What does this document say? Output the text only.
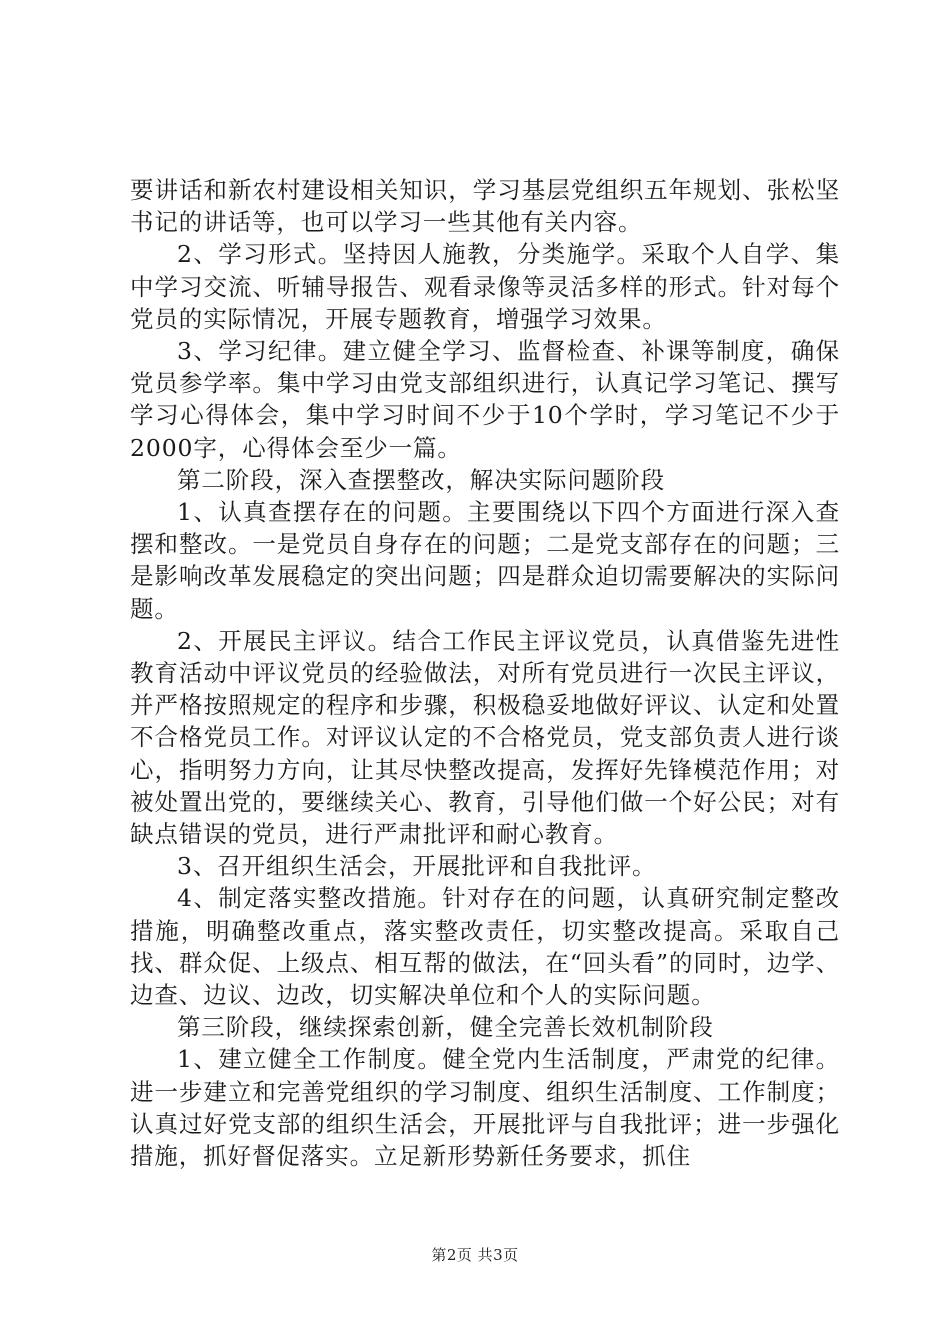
要讲话和新农村建设相关知识，学习基层党组织五年规划、张松坚书记的讲话等，也可以学习一些其他有关内容。

2、学习形式。坚持因人施教，分类施学。采取个人自学、集中学习交流、听辅导报告、观看录像等灵活多样的形式。针对每个党员的实际情况，开展专题教育，增强学习效果。

3、学习纪律。建立健全学习、监督检查、补课等制度，确保党员参学率。集中学习由党支部组织进行，认真记学习笔记、撰写学习心得体会，集中学习时间不少于10个学时，学习笔记不少于2000字，心得体会至少一篇。

第二阶段，深入查摆整改，解决实际问题阶段

1、认真查摆存在的问题。主要围绕以下四个方面进行深入查摆和整改。一是党员自身存在的问题；二是党支部存在的问题；三是影响改革发展稳定的突出问题；四是群众迫切需要解决的实际问题。

2、开展民主评议。结合工作民主评议党员，认真借鉴先进性教育活动中评议党员的经验做法，对所有党员进行一次民主评议，并严格按照规定的程序和步骤，积极稳妥地做好评议、认定和处置不合格党员工作。对评议认定的不合格党员，党支部负责人进行谈心，指明努力方向，让其尽快整改提高，发挥好先锋模范作用；对被处置出党的，要继续关心、教育，引导他们做一个好公民；对有缺点错误的党员，进行严肃批评和耐心教育。

3、召开组织生活会，开展批评和自我批评。

4、制定落实整改措施。针对存在的问题，认真研究制定整改措施，明确整改重点，落实整改责任，切实整改提高。采取自己找、群众促、上级点、相互帮的做法，在“回头看”的同时，边学、边查、边议、边改，切实解决单位和个人的实际问题。

第三阶段，继续探索创新，健全完善长效机制阶段

1、建立健全工作制度。健全党内生活制度，严肃党的纪律。进一步建立和完善党组织的学习制度、组织生活制度、工作制度；认真过好党支部的组织生活会，开展批评与自我批评；进一步强化措施，抓好督促落实。立足新形势新任务要求，抓住

第2页 共3页
